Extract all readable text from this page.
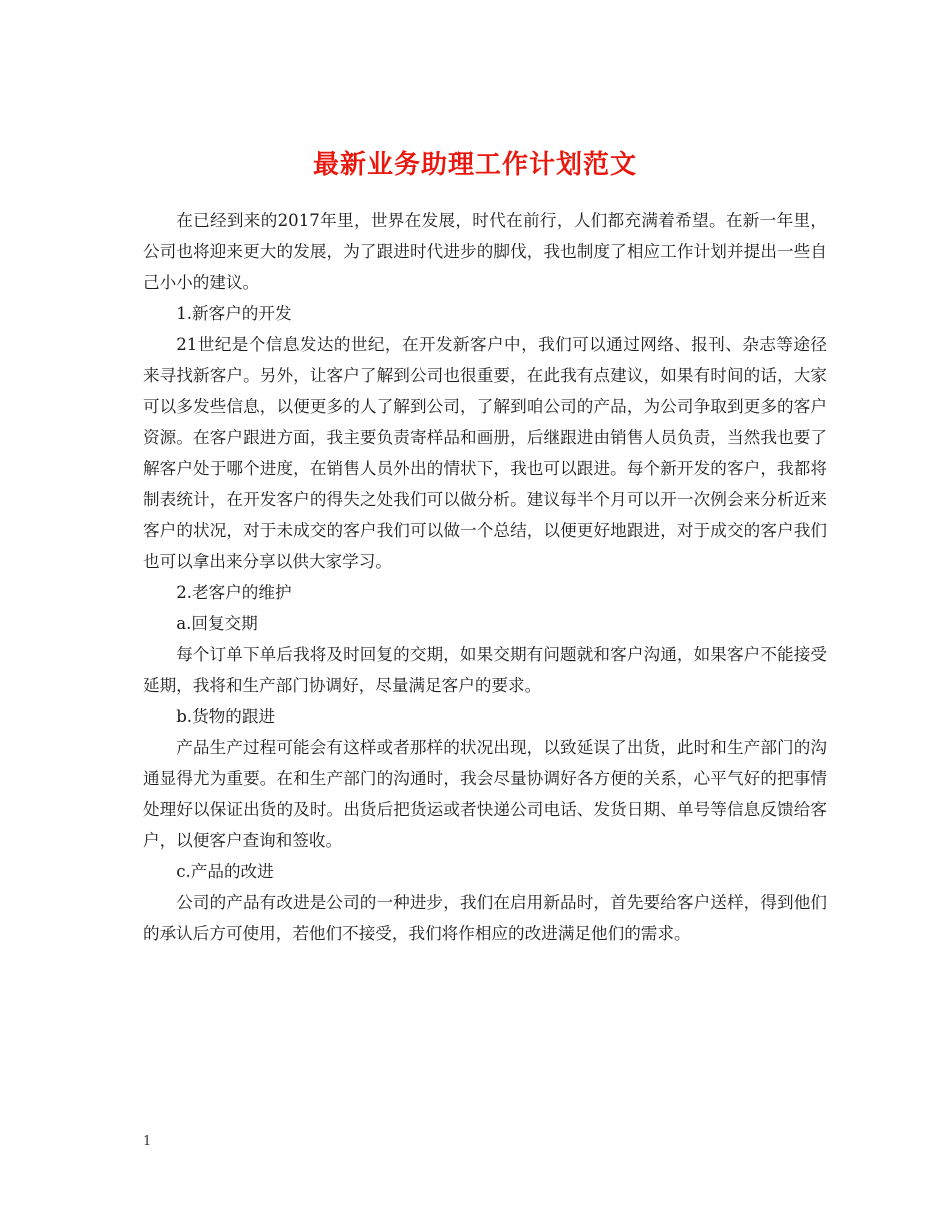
最新业务助理工作计划范文

在已经到来的2017年里，世界在发展，时代在前行，人们都充满着希望。在新一年里，公司也将迎来更大的发展，为了跟进时代进步的脚伐，我也制度了相应工作计划并提出一些自己小小的建议。

1.新客户的开发

21世纪是个信息发达的世纪，在开发新客户中，我们可以通过网络、报刊、杂志等途径来寻找新客户。另外，让客户了解到公司也很重要，在此我有点建议，如果有时间的话，大家可以多发些信息，以便更多的人了解到公司，了解到咱公司的产品，为公司争取到更多的客户资源。在客户跟进方面，我主要负责寄样品和画册，后继跟进由销售人员负责，当然我也要了解客户处于哪个进度，在销售人员外出的情状下，我也可以跟进。每个新开发的客户，我都将制表统计，在开发客户的得失之处我们可以做分析。建议每半个月可以开一次例会来分析近来客户的状况，对于未成交的客户我们可以做一个总结，以便更好地跟进，对于成交的客户我们也可以拿出来分享以供大家学习。

2.老客户的维护

a.回复交期

每个订单下单后我将及时回复的交期，如果交期有问题就和客户沟通，如果客户不能接受延期，我将和生产部门协调好，尽量满足客户的要求。

b.货物的跟进

产品生产过程可能会有这样或者那样的状况出现，以致延误了出货，此时和生产部门的沟通显得尤为重要。在和生产部门的沟通时，我会尽量协调好各方便的关系，心平气好的把事情处理好以保证出货的及时。出货后把货运或者快递公司电话、发货日期、单号等信息反馈给客户，以便客户查询和签收。

c.产品的改进

公司的产品有改进是公司的一种进步，我们在启用新品时，首先要给客户送样，得到他们的承认后方可使用，若他们不接受，我们将作相应的改进满足他们的需求。

1
